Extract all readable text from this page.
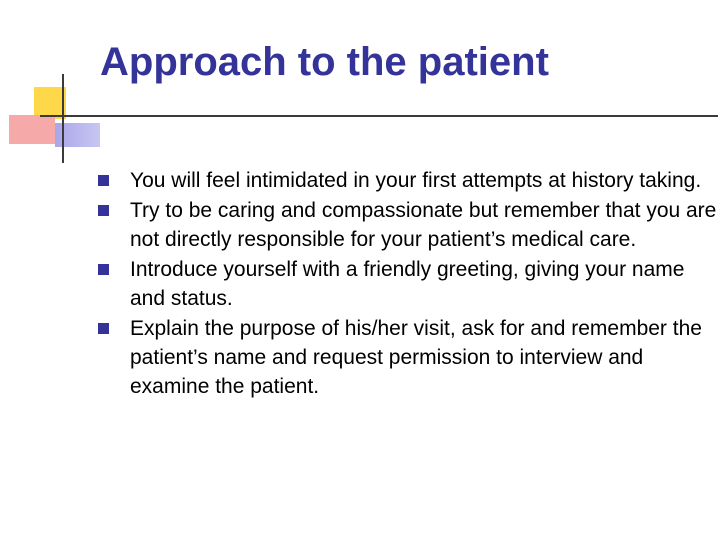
Approach to the patient
You will feel intimidated in your first attempts at history taking.
Try to be caring and compassionate but remember that you are not directly responsible for your patient’s medical care.
Introduce yourself with a friendly greeting, giving your name and status.
Explain the purpose of his/her visit, ask for and remember the patient’s name and request permission to interview and examine the patient.
